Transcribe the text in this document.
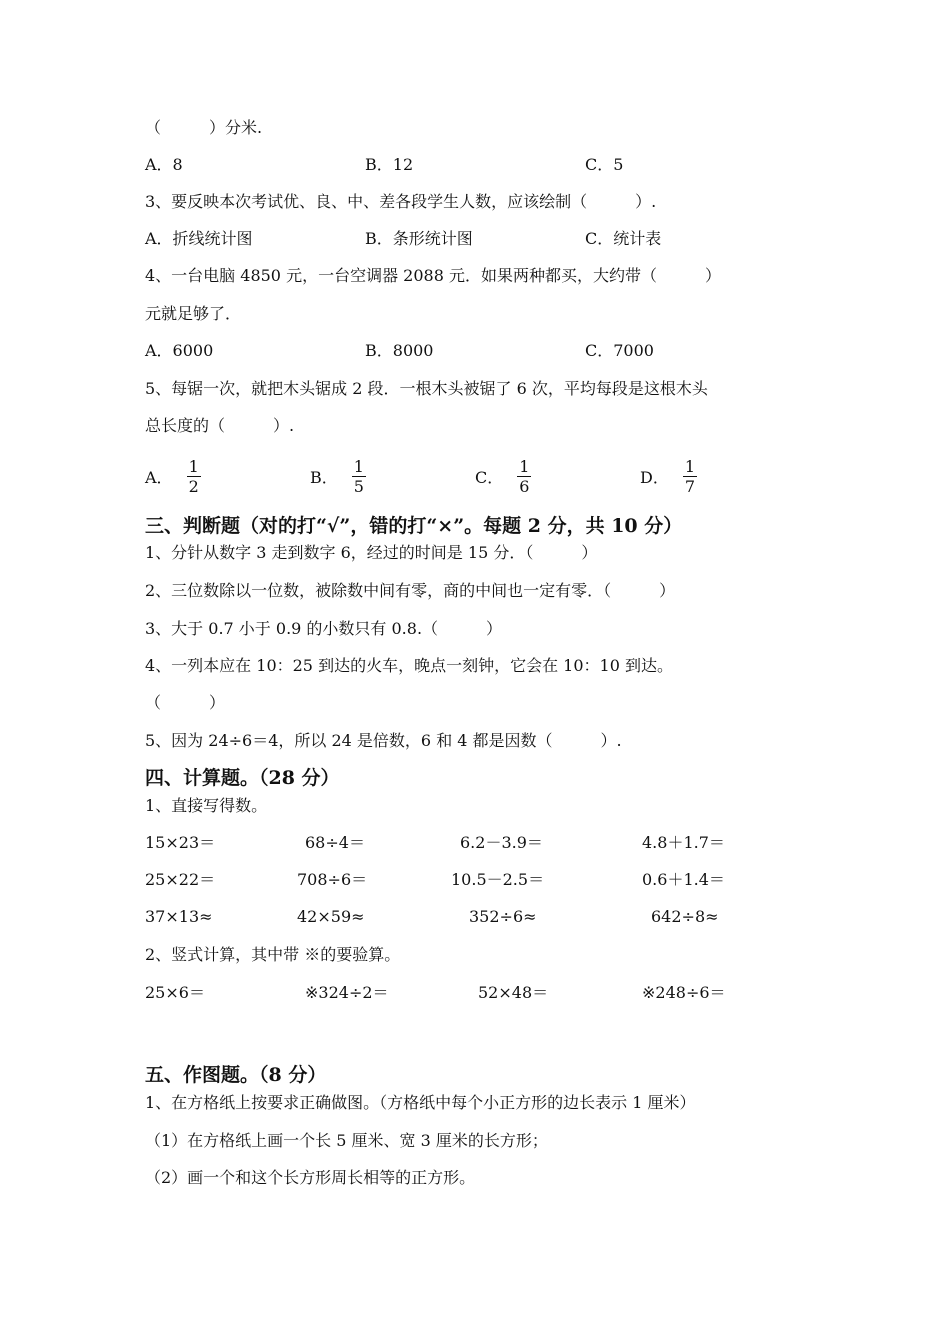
（　　　）分米.
A．8	B．12	C．5
3、要反映本次考试优、良、中、差各段学生人数，应该绘制（　　　）.
A．折线统计图	B．条形统计图	C．统计表
4、一台电脑 4850 元，一台空调器 2088 元．如果两种都买，大约带（　　　）
元就足够了．
A．6000	B．8000	C．7000
5、每锯一次，就把木头锯成 2 段．一根木头被锯了 6 次，平均每段是这根木头
总长度的（　　　）.
A． $\frac{1}{2}$	B． $\frac{1}{5}$	C． $\frac{1}{6}$	D． $\frac{1}{7}$
三、判断题（对的打“√”，错的打“×”。每题 2 分，共 10 分）
1、分针从数字 3 走到数字 6，经过的时间是 15 分．（　　　）
2、三位数除以一位数，被除数中间有零，商的中间也一定有零．（　　　）
3、大于 0.7 小于 0.9 的小数只有 0.8.（　　　）
4、一列本应在 10：25 到达的火车，晚点一刻钟，它会在 10：10 到达。
（　　　）
5、因为 24÷6＝4，所以 24 是倍数，6 和 4 都是因数（　　　）.
四、计算题。（28 分）
1、直接写得数。
15×23＝	68÷4＝	6.2－3.9＝	4.8＋1.7＝
25×22＝	708÷6＝	10.5－2.5＝	0.6＋1.4＝
37×13≈	42×59≈	352÷6≈	642÷8≈
2、竖式计算，其中带 ※的要验算。
25×6＝	※324÷2＝	52×48＝	※248÷6＝
五、作图题。（8 分）
1、在方格纸上按要求正确做图。（方格纸中每个小正方形的边长表示 1 厘米）
（1）在方格纸上画一个长 5 厘米、宽 3 厘米的长方形；
（2）画一个和这个长方形周长相等的正方形。
